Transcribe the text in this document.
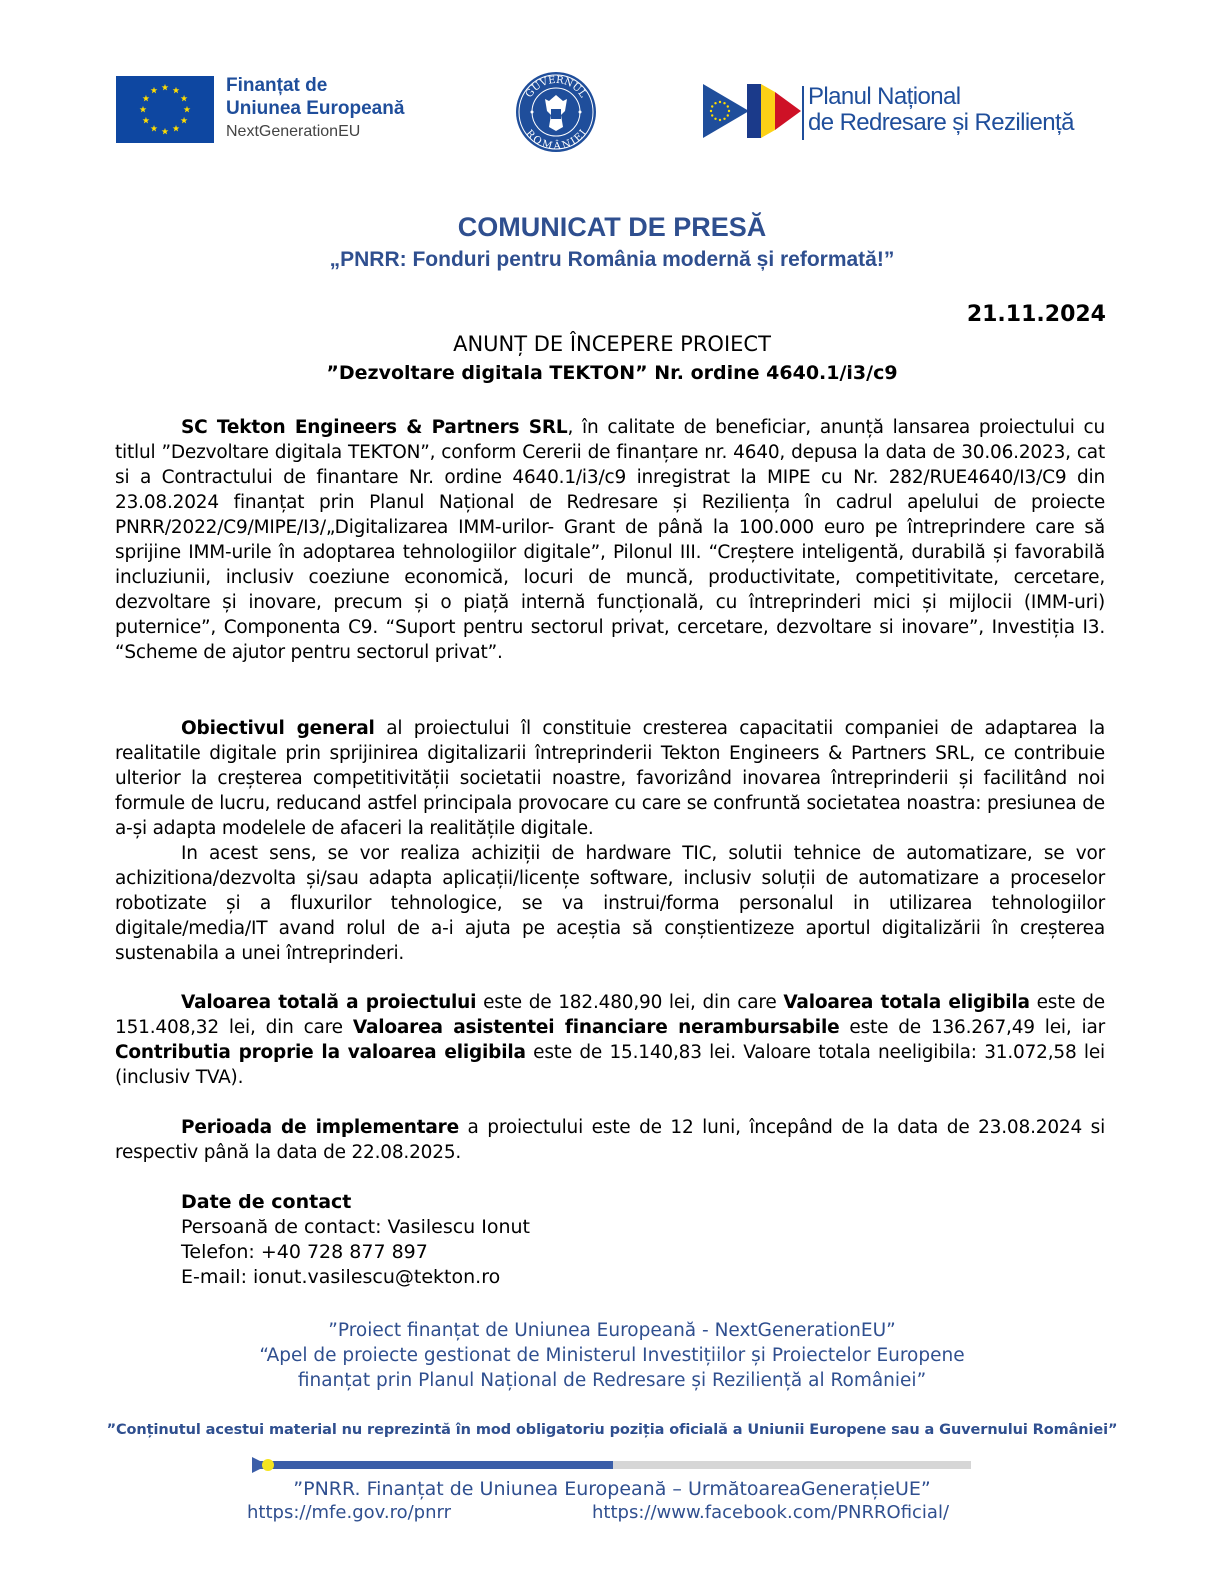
Finanțat de
Uniunea Europeană
NextGenerationEU
GUVERNUL
ROMÂNIEI
Planul Național
de Redresare și Reziliență
COMUNICAT DE PRESĂ
„PNRR: Fonduri pentru România modernă și reformată!”
21.11.2024
ANUNȚ DE ÎNCEPERE PROIECT
”Dezvoltare digitala TEKTON” Nr. ordine 4640.1/i3/c9
SC Tekton Engineers & Partners SRL, în calitate de beneficiar, anunță lansarea proiectului cu titlul ”Dezvoltare digitala TEKTON”, conform Cererii de finanțare nr. 4640, depusa la data de 30.06.2023, cat si a Contractului de finantare Nr. ordine 4640.1/i3/c9 inregistrat la MIPE cu Nr. 282/RUE4640/I3/C9 din 23.08.2024 finanțat prin Planul Național de Redresare și Reziliența în cadrul apelului de proiecte PNRR/2022/C9/MIPE/I3/„Digitalizarea IMM-urilor- Grant de până la 100.000 euro pe întreprindere care să sprijine IMM-urile în adoptarea tehnologiilor digitale”, Pilonul III. “Creștere inteligentă, durabilă și favorabilă incluziunii, inclusiv coeziune economică, locuri de muncă, productivitate, competitivitate, cercetare, dezvoltare și inovare, precum și o piață internă funcțională, cu întreprinderi mici și mijlocii (IMM-uri) puternice”, Componenta C9. “Suport pentru sectorul privat, cercetare, dezvoltare si inovare”, Investiția I3. “Scheme de ajutor pentru sectorul privat”.
Obiectivul general al proiectului îl constituie cresterea capacitatii companiei de adaptarea la realitatile digitale prin sprijinirea digitalizarii întreprinderii Tekton Engineers & Partners SRL, ce contribuie ulterior la creșterea competitivității societatii noastre, favorizând inovarea întreprinderii și facilitând noi formule de lucru, reducand astfel principala provocare cu care se confruntă societatea noastra: presiunea de a-și adapta modelele de afaceri la realitățile digitale.
In acest sens, se vor realiza achiziții de hardware TIC, solutii tehnice de automatizare, se vor achizitiona/dezvolta și/sau adapta aplicații/licențe software, inclusiv soluții de automatizare a proceselor robotizate și a fluxurilor tehnologice, se va instrui/forma personalul in utilizarea tehnologiilor digitale/media/IT avand rolul de a-i ajuta pe aceștia să conștientizeze aportul digitalizării în creșterea sustenabila a unei întreprinderi.
Valoarea totală a proiectului este de 182.480,90 lei, din care Valoarea totala eligibila este de 151.408,32 lei, din care Valoarea asistentei financiare nerambursabile este de 136.267,49 lei, iar Contributia proprie la valoarea eligibila este de 15.140,83 lei. Valoare totala neeligibila: 31.072,58 lei (inclusiv TVA).
Perioada de implementare a proiectului este de 12 luni, începând de la data de 23.08.2024 si respectiv până la data de 22.08.2025.
Date de contact
Persoană de contact: Vasilescu Ionut
Telefon: +40 728 877 897
E-mail: ionut.vasilescu@tekton.ro
”Proiect finanțat de Uniunea Europeană - NextGenerationEU”
“Apel de proiecte gestionat de Ministerul Investițiilor și Proiectelor Europene
finanțat prin Planul Național de Redresare și Reziliență al României”
”Conținutul acestui material nu reprezintă în mod obligatoriu poziția oficială a Uniunii Europene sau a Guvernului României”
”PNRR. Finanțat de Uniunea Europeană – UrmătoareaGenerațieUE”
https://mfe.gov.ro/pnrr	https://www.facebook.com/PNRROficial/
